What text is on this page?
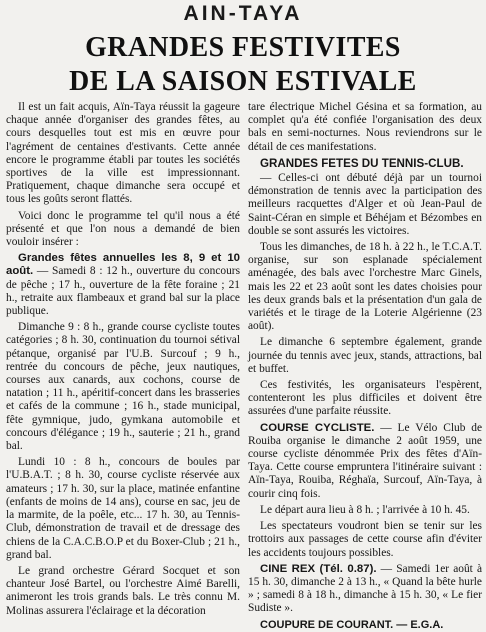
AIN-TAYA
GRANDES FESTIVITES
DE LA SAISON ESTIVALE

Il est un fait acquis, Aïn-Taya réussit la gageure chaque année d'organiser des grandes fêtes, au cours desquelles tout est mis en œuvre pour l'agrément de centaines d'estivants. Cette année encore le programme établi par toutes les sociétés sportives de la ville est impressionnant. Pratiquement, chaque dimanche sera occupé et tous les goûts seront flattés.

Voici donc le programme tel qu'il nous a été présenté et que l'on nous a demandé de bien vouloir insérer :

Grandes fêtes annuelles les 8, 9 et 10 août. — Samedi 8 : 12 h., ouverture du concours de pêche ; 17 h., ouverture de la fête foraine ; 21 h., retraite aux flambeaux et grand bal sur la place publique.

Dimanche 9 : 8 h., grande course cycliste toutes catégories ; 8 h. 30, continuation du tournoi sétival pétanque, organisé par l'U.B. Surcouf ; 9 h., rentrée du concours de pêche, jeux nautiques, courses aux canards, aux cochons, course de natation ; 11 h., apéritif-concert dans les brasseries et cafés de la commune ; 16 h., stade municipal, fête gymnique, judo, gymkana automobile et concours d'élégance ; 19 h., sauterie ; 21 h., grand bal.

Lundi 10 : 8 h., concours de boules par l'U.B.A.T. ; 8 h. 30, course cycliste réservée aux amateurs ; 17 h. 30, sur la place, matinée enfantine (enfants de moins de 14 ans), course en sac, jeu de la marmite, de la poêle, etc... 17 h. 30, au Tennis-Club, démonstration de travail et de dressage des chiens de la C.A.C.B.O.P et du Boxer-Club ; 21 h., grand bal.

Le grand orchestre Gérard Socquet et son chanteur José Bartel, ou l'orchestre Aimé Barelli, animeront les trois grands bals. Le très connu M. Molinas assurera l'éclairage et la décoration

tare électrique Michel Gésina et sa formation, au complet qu'a été confiée l'organisation des deux bals en semi-nocturnes. Nous reviendrons sur le détail de ces manifestations.

GRANDES FETES DU TENNIS-CLUB.

— Celles-ci ont débuté déjà par un tournoi démonstration de tennis avec la participation des meilleurs racquettes d'Alger et où Jean-Paul de Saint-Céran en simple et Béhéjam et Bézombes en double se sont assurés les victoires.

Tous les dimanches, de 18 h. à 22 h., le T.C.A.T. organise, sur son esplanade spécialement aménagée, des bals avec l'orchestre Marc Ginels, mais les 22 et 23 août sont les dates choisies pour les deux grands bals et la présentation d'un gala de variétés et le tirage de la Loterie Algérienne (23 août).

Le dimanche 6 septembre également, grande journée du tennis avec jeux, stands, attractions, bal et buffet.

Ces festivités, les organisateurs l'espèrent, contenteront les plus difficiles et doivent être assurées d'une parfaite réussite.

COURSE CYCLISTE. — Le Vélo Club de Rouiba organise le dimanche 2 août 1959, une course cycliste dénommée Prix des fêtes d'Aïn-Taya. Cette course empruntera l'itinéraire suivant : Aïn-Taya, Rouiba, Réghaïa, Surcouf, Aïn-Taya, à courir cinq fois.

Le départ aura lieu à 8 h. ; l'arrivée à 10 h. 45.

Les spectateurs voudront bien se tenir sur les trottoirs aux passages de cette course afin d'éviter les accidents toujours possibles.

CINE REX (Tél. 0.87). — Samedi 1er août à 15 h. 30, dimanche 2 à 13 h., « Quand la bête hurle » ; samedi 8 à 18 h., dimanche à 15 h. 30, « Le fier Sudiste ».

COUPURE DE COURANT. — E.G.A.
